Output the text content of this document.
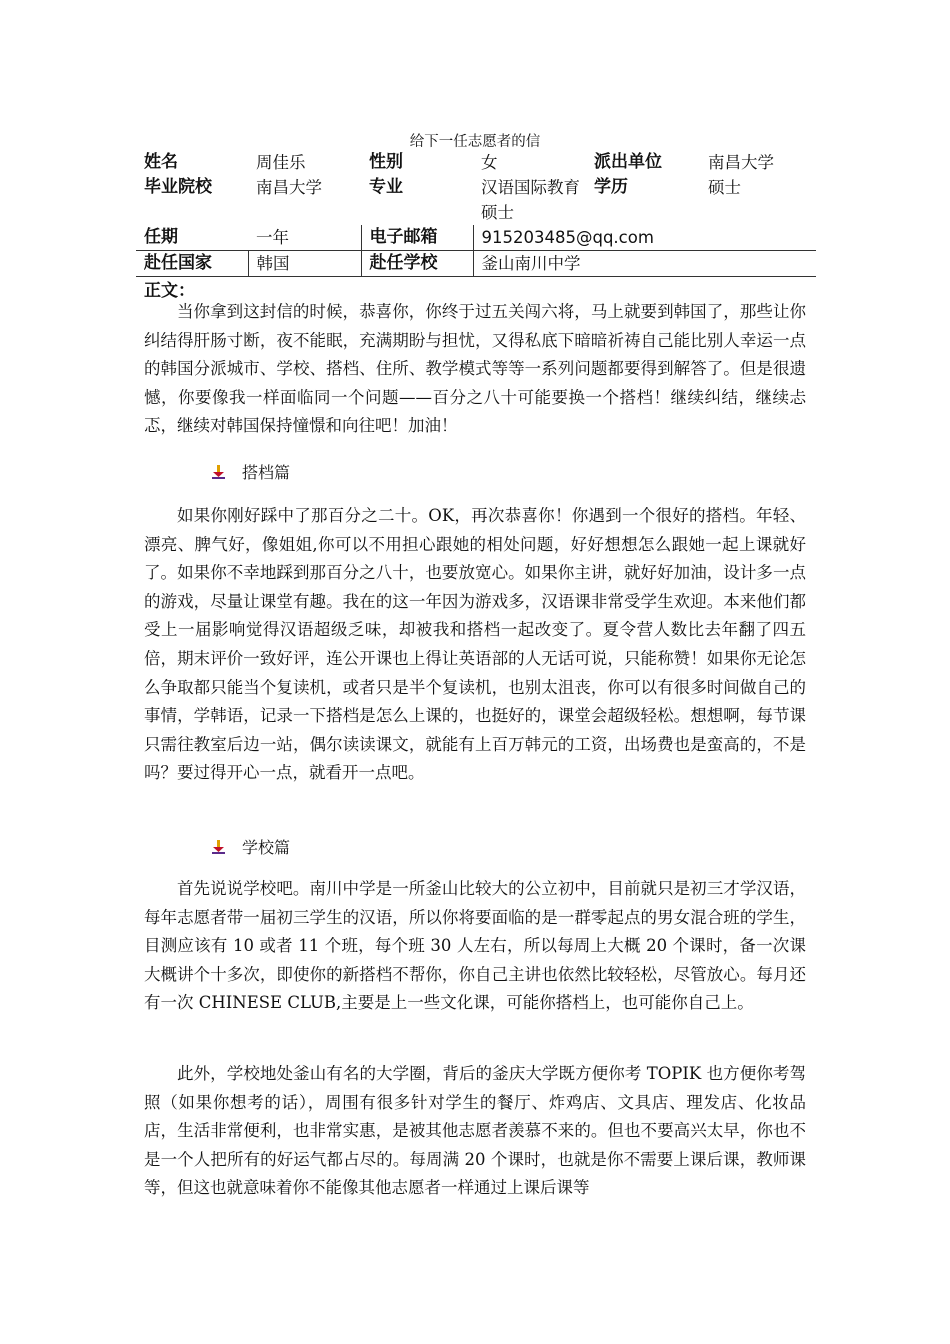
给下一任志愿者的信
姓名	周佳乐	性别	女	派出单位	南昌大学
毕业院校	南昌大学	专业	汉语国际教育硕士	学历	硕士
任期	一年	电子邮箱	915203485@qq.com		
赴任国家	韩国	赴任学校	釜山南川中学		
正文：

当你拿到这封信的时候，恭喜你，你终于过五关闯六将，马上就要到韩国了，那些让你纠结得肝肠寸断，夜不能眠，充满期盼与担忧，又得私底下暗暗祈祷自己能比别人幸运一点的韩国分派城市、学校、搭档、住所、教学模式等等一系列问题都要得到解答了。但是很遗憾，你要像我一样面临同一个问题——百分之八十可能要换一个搭档！继续纠结，继续忐忑，继续对韩国保持憧憬和向往吧！加油！

搭档篇

如果你刚好踩中了那百分之二十。OK，再次恭喜你！你遇到一个很好的搭档。年轻、漂亮、脾气好，像姐姐,你可以不用担心跟她的相处问题，好好想想怎么跟她一起上课就好了。如果你不幸地踩到那百分之八十，也要放宽心。如果你主讲，就好好加油，设计多一点的游戏，尽量让课堂有趣。我在的这一年因为游戏多，汉语课非常受学生欢迎。本来他们都受上一届影响觉得汉语超级乏味，却被我和搭档一起改变了。夏令营人数比去年翻了四五倍，期末评价一致好评，连公开课也上得让英语部的人无话可说，只能称赞！如果你无论怎么争取都只能当个复读机，或者只是半个复读机，也别太沮丧，你可以有很多时间做自己的事情，学韩语，记录一下搭档是怎么上课的，也挺好的，课堂会超级轻松。想想啊，每节课只需往教室后边一站，偶尔读读课文，就能有上百万韩元的工资，出场费也是蛮高的，不是吗？要过得开心一点，就看开一点吧。

学校篇

首先说说学校吧。南川中学是一所釜山比较大的公立初中，目前就只是初三才学汉语，每年志愿者带一届初三学生的汉语，所以你将要面临的是一群零起点的男女混合班的学生，目测应该有 10 或者 11 个班，每个班 30 人左右，所以每周上大概 20 个课时，备一次课大概讲个十多次，即使你的新搭档不帮你，你自己主讲也依然比较轻松，尽管放心。每月还有一次 CHINESE CLUB,主要是上一些文化课，可能你搭档上，也可能你自己上。

此外，学校地处釜山有名的大学圈，背后的釜庆大学既方便你考 TOPIK 也方便你考驾照（如果你想考的话），周围有很多针对学生的餐厅、炸鸡店、文具店、理发店、化妆品店，生活非常便利，也非常实惠，是被其他志愿者羡慕不来的。但也不要高兴太早，你也不是一个人把所有的好运气都占尽的。每周满 20 个课时，也就是你不需要上课后课，教师课等，但这也就意味着你不能像其他志愿者一样通过上课后课等
